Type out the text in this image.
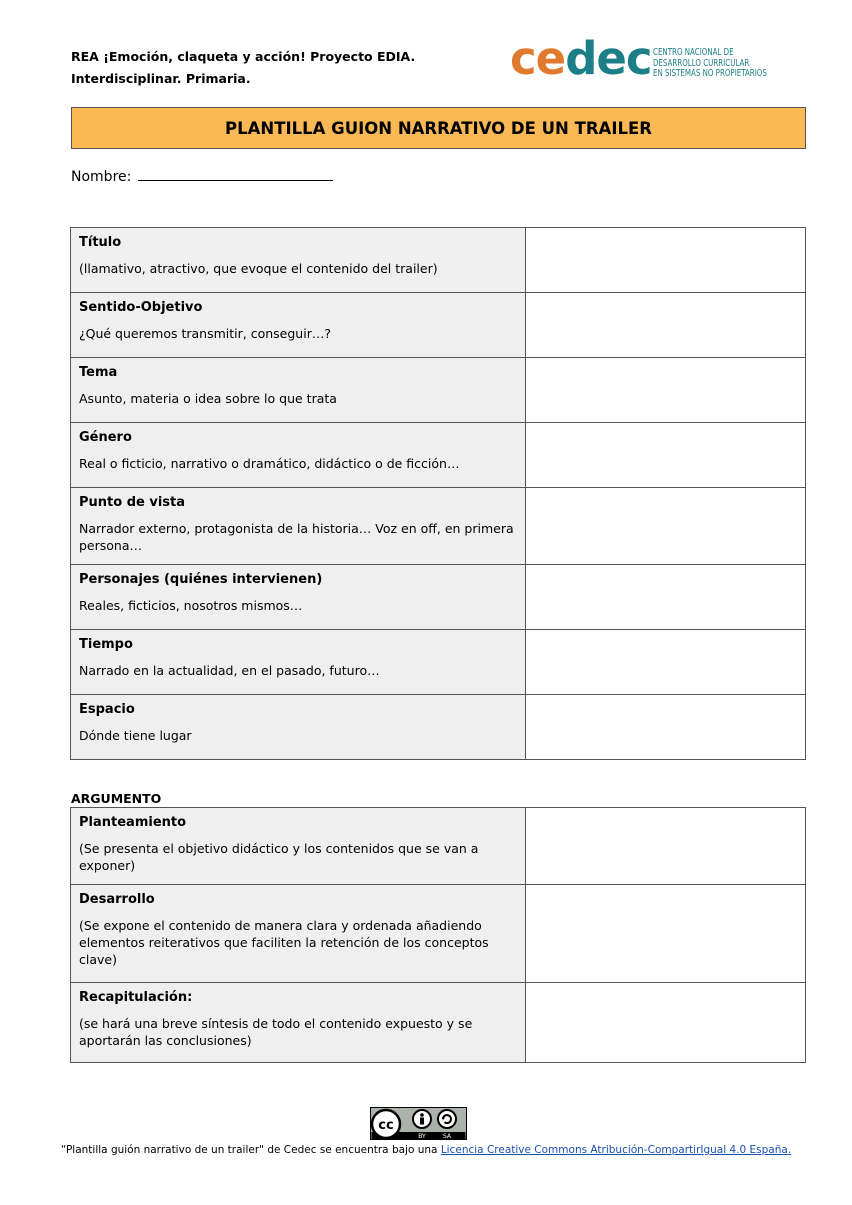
REA ¡Emoción, claqueta y acción! Proyecto EDIA.
Interdisciplinar. Primaria.	cedec CENTRO NACIONAL DE
DESARROLLO CURRICULAR
EN SISTEMAS NO PROPIETARIOS
PLANTILLA GUION NARRATIVO DE UN TRAILER
Nombre:
Título
(llamativo, atractivo, que evoque el contenido del trailer)	

Sentido-Objetivo
¿Qué queremos transmitir, conseguir…?	

Tema
Asunto, materia o idea sobre lo que trata	

Género
Real o ficticio, narrativo o dramático, didáctico o de ficción…	

Punto de vista
Narrador externo, protagonista de la historia… Voz en off, en primera persona…	

Personajes (quiénes intervienen)
Reales, ficticios, nosotros mismos…	

Tiempo
Narrado en la actualidad, en el pasado, futuro…	

Espacio
Dónde tiene lugar	

ARGUMENTO
Planteamiento
(Se presenta el objetivo didáctico y los contenidos que se van a exponer)	

Desarrollo
(Se expone el contenido de manera clara y ordenada añadiendo elementos reiterativos que faciliten la retención de los conceptos clave)	

Recapitulación:
(se hará una breve síntesis de todo el contenido expuesto y se aportarán las conclusiones)	

cc
BY	SA
“Plantilla guión narrativo de un trailer" de Cedec se encuentra bajo una Licencia Creative Commons Atribución-CompartirIgual 4.0 España.
